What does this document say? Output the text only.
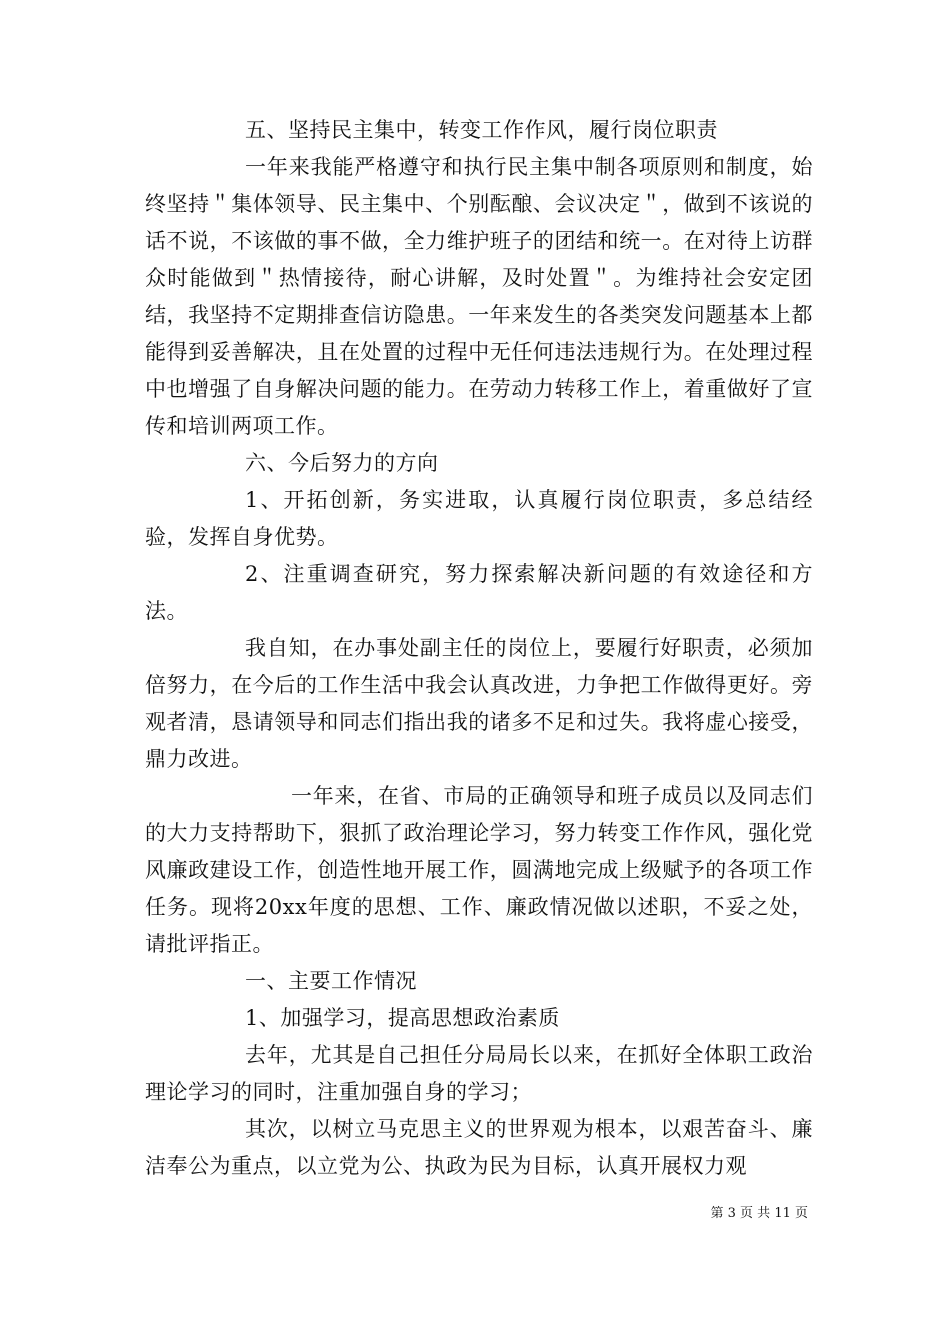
五、坚持民主集中，转变工作作风，履行岗位职责

一年来我能严格遵守和执行民主集中制各项原则和制度，始终坚持＂集体领导、民主集中、个别酝酿、会议决定＂，做到不该说的话不说，不该做的事不做，全力维护班子的团结和统一。在对待上访群众时能做到＂热情接待，耐心讲解，及时处置＂。为维持社会安定团结，我坚持不定期排查信访隐患。一年来发生的各类突发问题基本上都能得到妥善解决，且在处置的过程中无任何违法违规行为。在处理过程中也增强了自身解决问题的能力。在劳动力转移工作上，着重做好了宣传和培训两项工作。

六、今后努力的方向

1、开拓创新，务实进取，认真履行岗位职责，多总结经验，发挥自身优势。

2、注重调查研究，努力探索解决新问题的有效途径和方法。

我自知，在办事处副主任的岗位上，要履行好职责，必须加倍努力，在今后的工作生活中我会认真改进，力争把工作做得更好。旁观者清，恳请领导和同志们指出我的诸多不足和过失。我将虚心接受，鼎力改进。

一年来，在省、市局的正确领导和班子成员以及同志们的大力支持帮助下，狠抓了政治理论学习，努力转变工作作风，强化党风廉政建设工作，创造性地开展工作，圆满地完成上级赋予的各项工作任务。现将20xx年度的思想、工作、廉政情况做以述职，不妥之处，请批评指正。

一、主要工作情况

1、加强学习，提高思想政治素质

去年，尤其是自己担任分局局长以来，在抓好全体职工政治理论学习的同时，注重加强自身的学习；

其次，以树立马克思主义的世界观为根本，以艰苦奋斗、廉洁奉公为重点，以立党为公、执政为民为目标，认真开展权力观

第 3 页 共 11 页
